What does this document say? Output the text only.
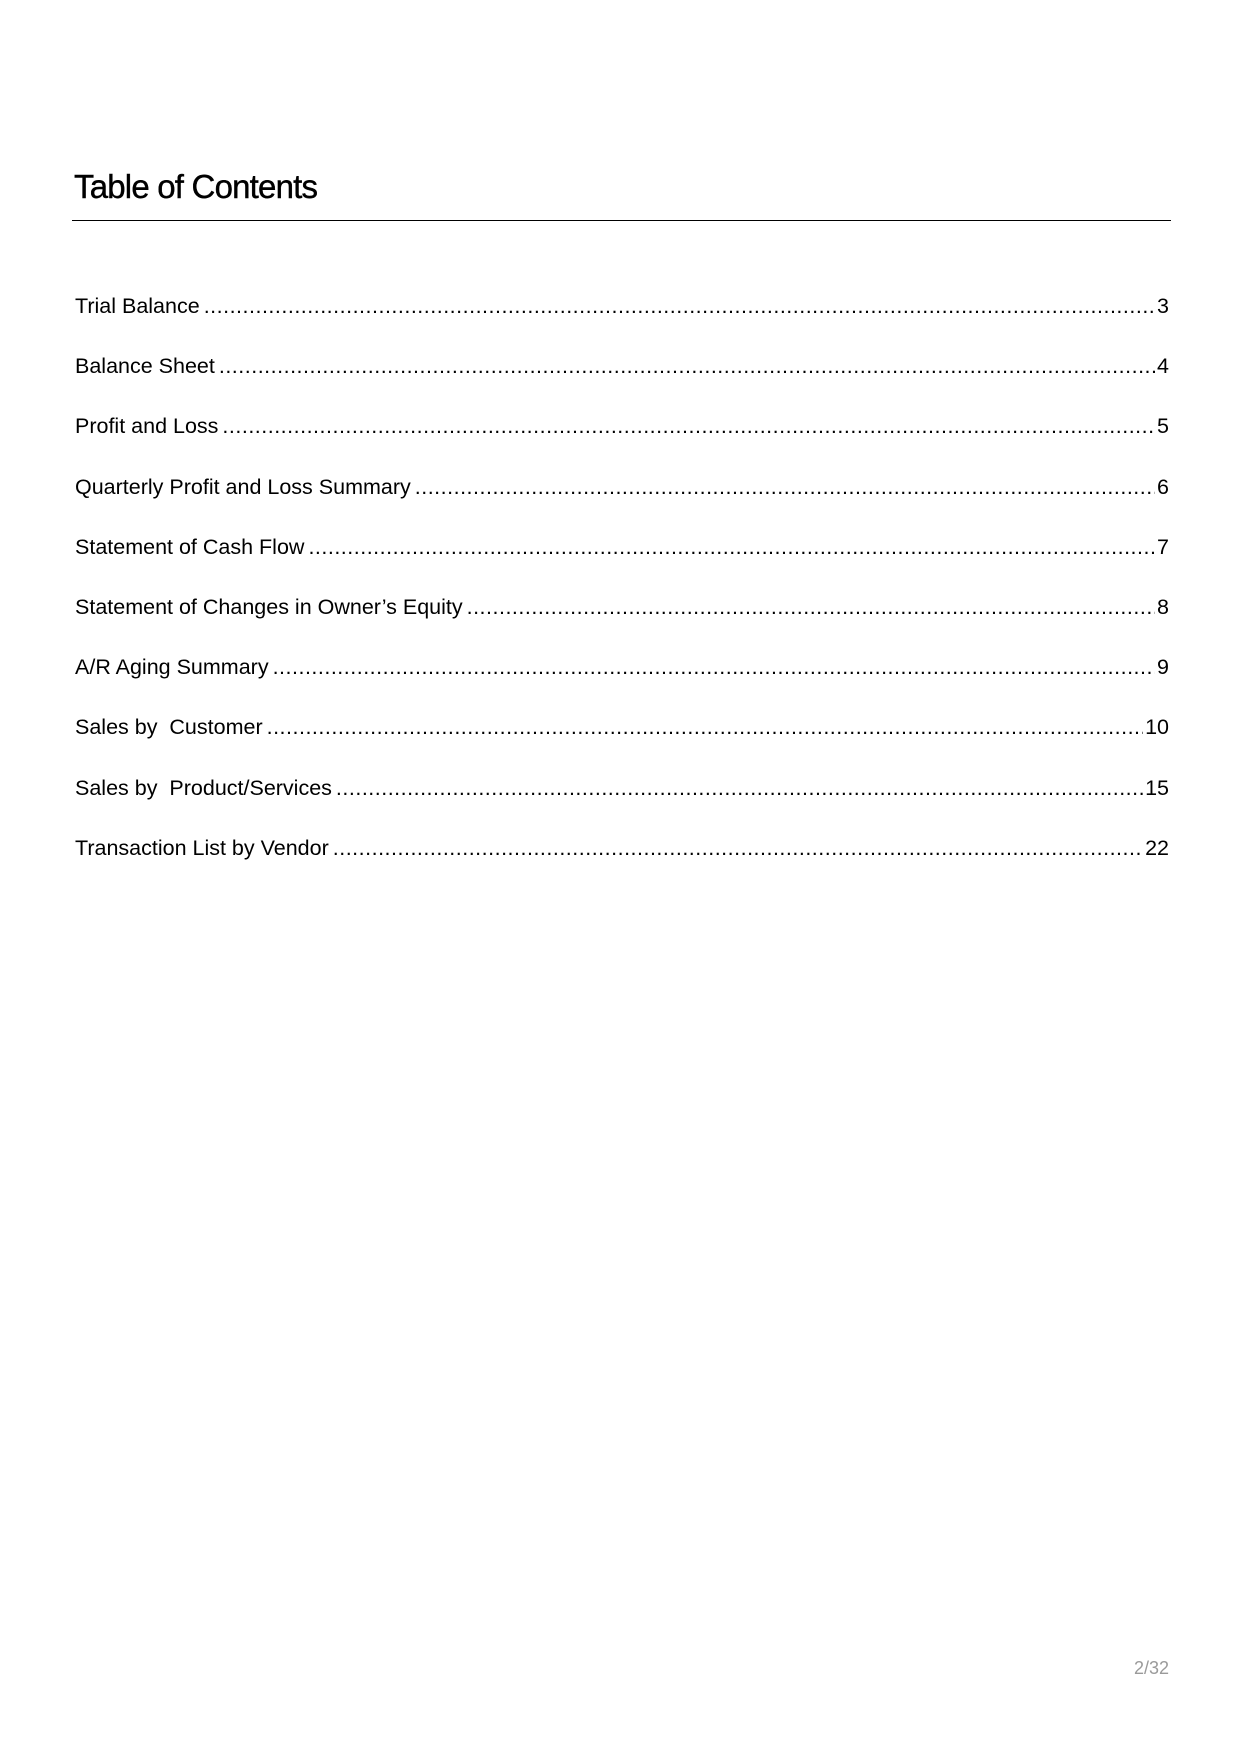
Table of Contents
Trial Balance .....	3
Balance Sheet .....	4
Profit and Loss .....	5
Quarterly Profit and Loss Summary .....	6
Statement of Cash Flow .....	7
Statement of Changes in Owner’s Equity .....	8
A/R Aging Summary .....	9
Sales by  Customer .....	10
Sales by  Product/Services .....	15
Transaction List by Vendor .....	22
2/32
